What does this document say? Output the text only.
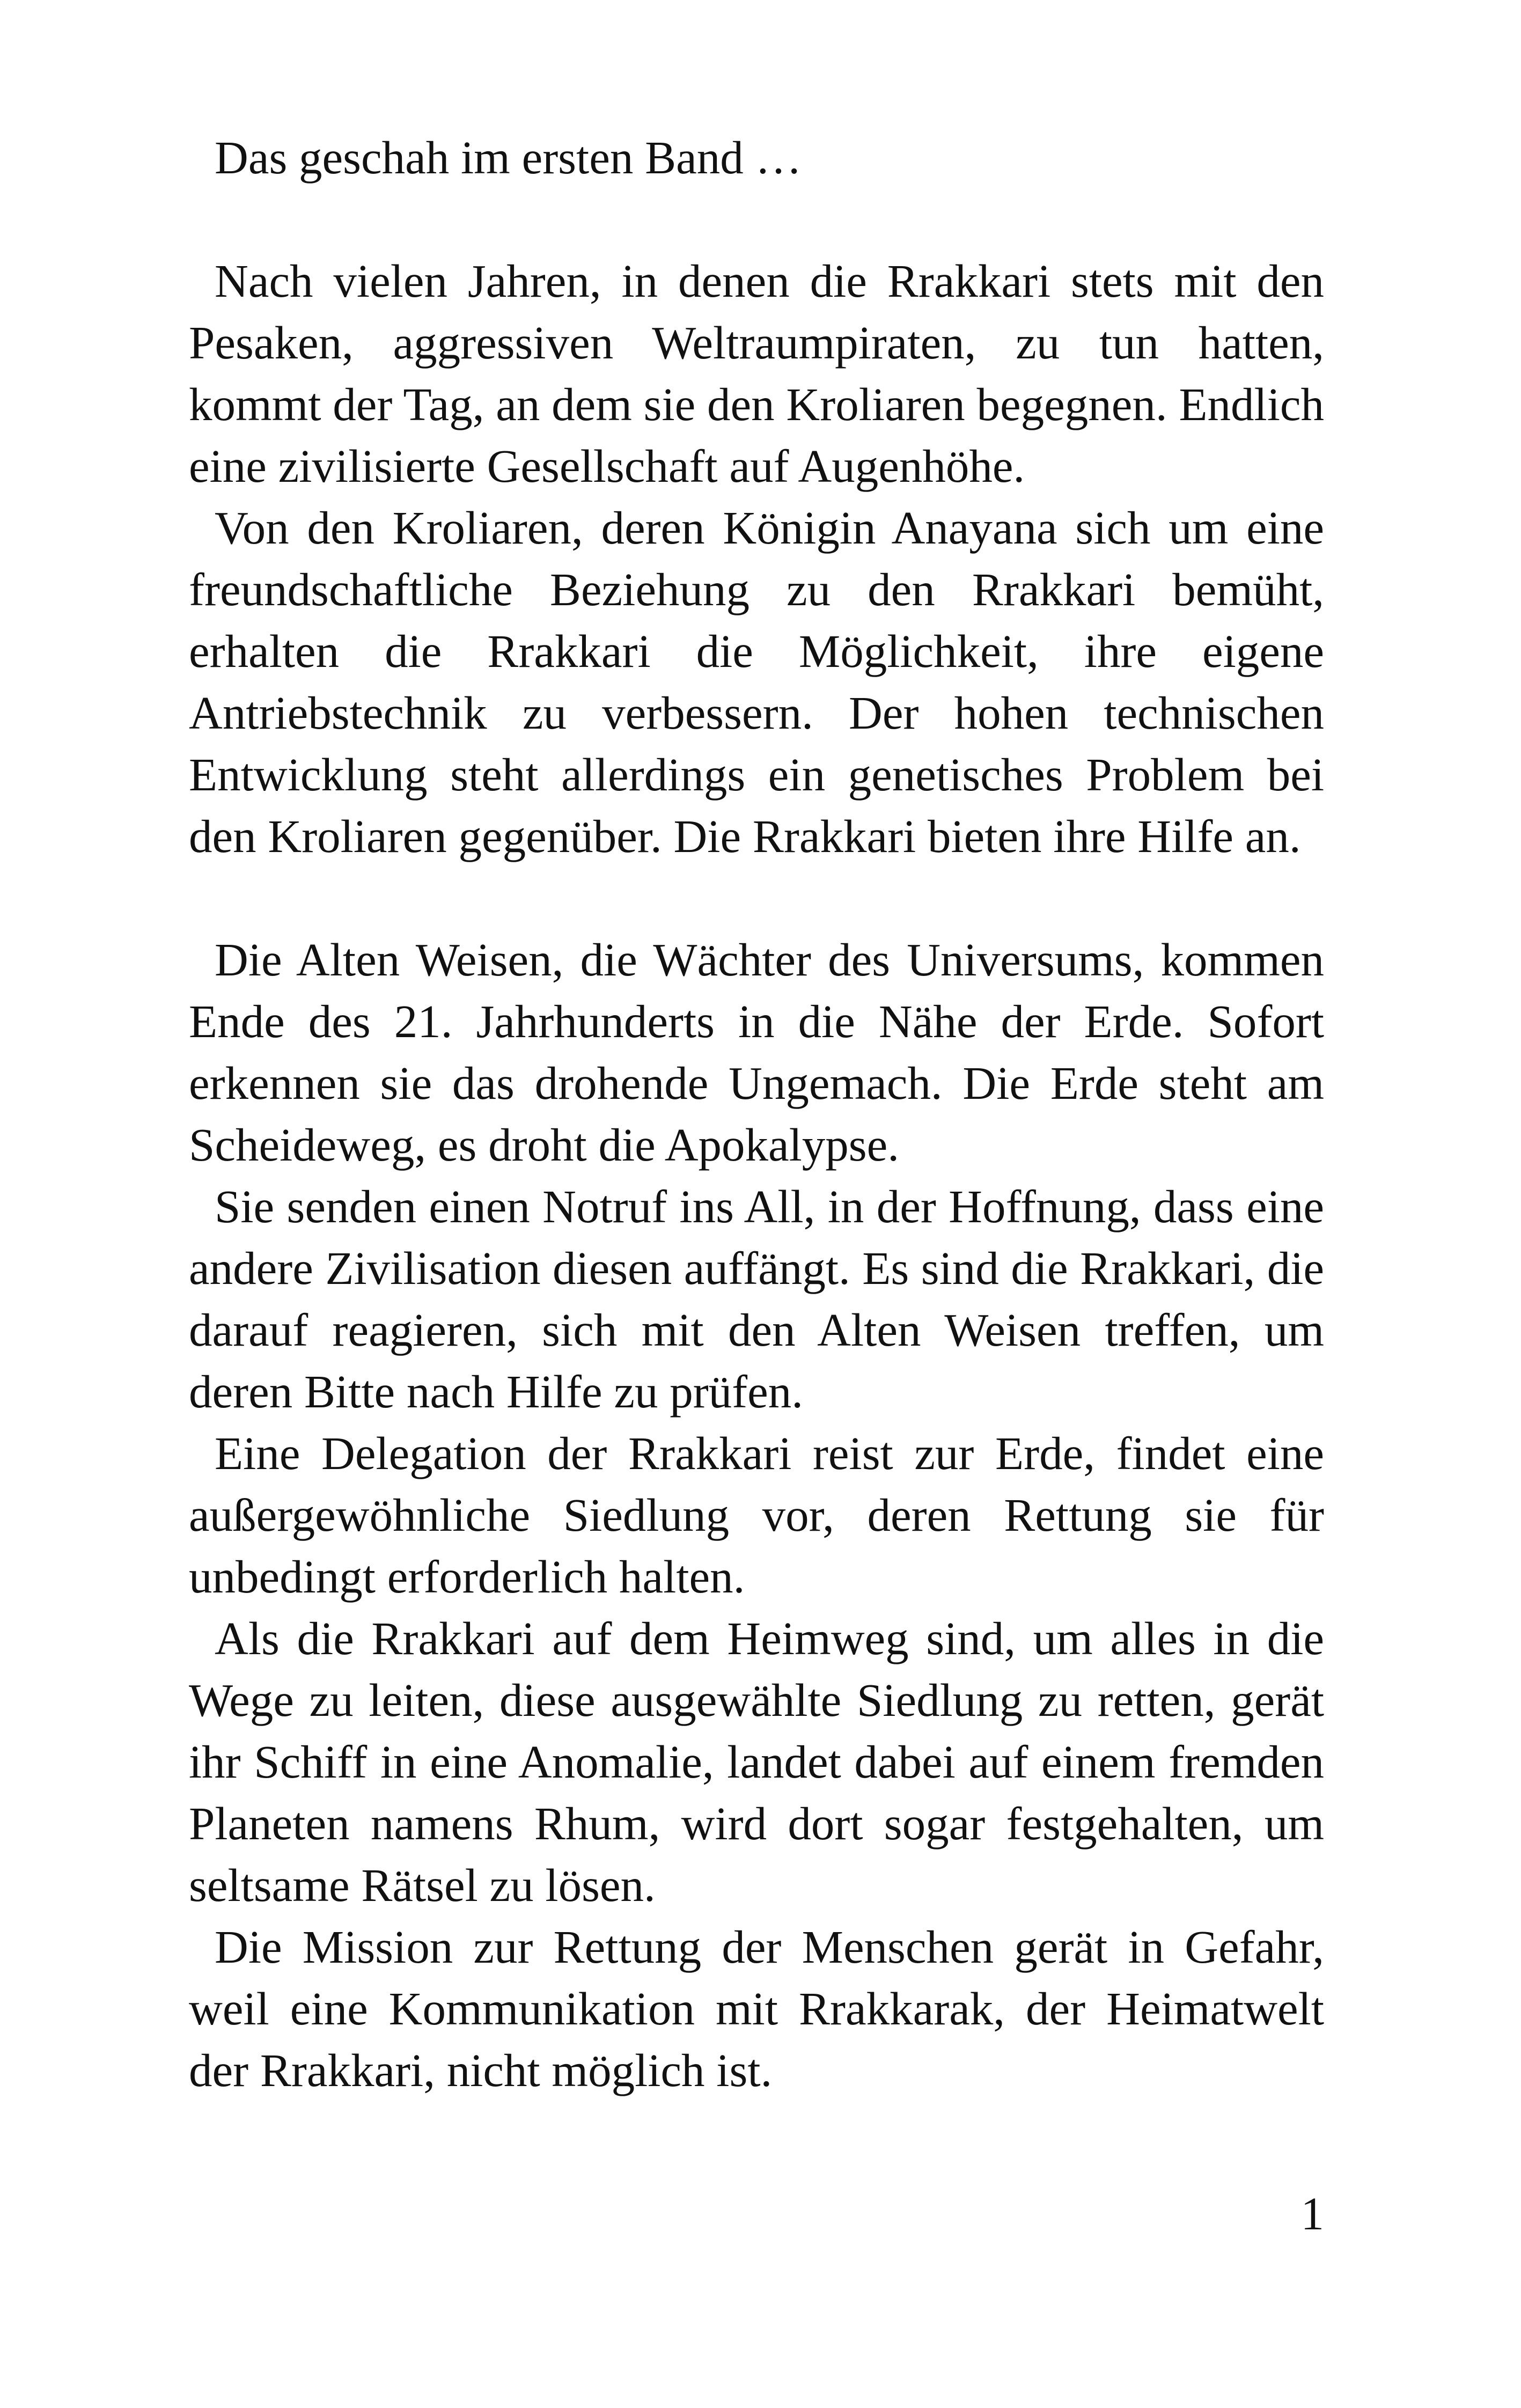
Das geschah im ersten Band …

Nach vielen Jahren, in denen die Rrakkari stets mit den Pesaken, aggressiven Weltraumpiraten, zu tun hatten, kommt der Tag, an dem sie den Kroliaren begegnen. Endlich eine zivilisierte Gesellschaft auf Augenhöhe.

Von den Kroliaren, deren Königin Anayana sich um eine freundschaftliche Beziehung zu den Rrakkari bemüht, erhalten die Rrakkari die Möglichkeit, ihre eigene Antriebstechnik zu verbessern. Der hohen technischen Entwicklung steht allerdings ein genetisches Problem bei den Kroliaren gegenüber. Die Rrakkari bieten ihre Hilfe an.

Die Alten Weisen, die Wächter des Universums, kommen Ende des 21. Jahrhunderts in die Nähe der Erde. Sofort erkennen sie das drohende Ungemach. Die Erde steht am Scheideweg, es droht die Apokalypse.

Sie senden einen Notruf ins All, in der Hoffnung, dass eine andere Zivilisation diesen auffängt. Es sind die Rrakkari, die darauf reagieren, sich mit den Alten Weisen treffen, um deren Bitte nach Hilfe zu prüfen.

Eine Delegation der Rrakkari reist zur Erde, findet eine außergewöhnliche Siedlung vor, deren Rettung sie für unbedingt erforderlich halten.

Als die Rrakkari auf dem Heimweg sind, um alles in die Wege zu leiten, diese ausgewählte Siedlung zu retten, gerät ihr Schiff in eine Anomalie, landet dabei auf einem fremden Planeten namens Rhum, wird dort sogar festgehalten, um seltsame Rätsel zu lösen.

Die Mission zur Rettung der Menschen gerät in Gefahr, weil eine Kommunikation mit Rrakkarak, der Heimatwelt der Rrakkari, nicht möglich ist.

1
